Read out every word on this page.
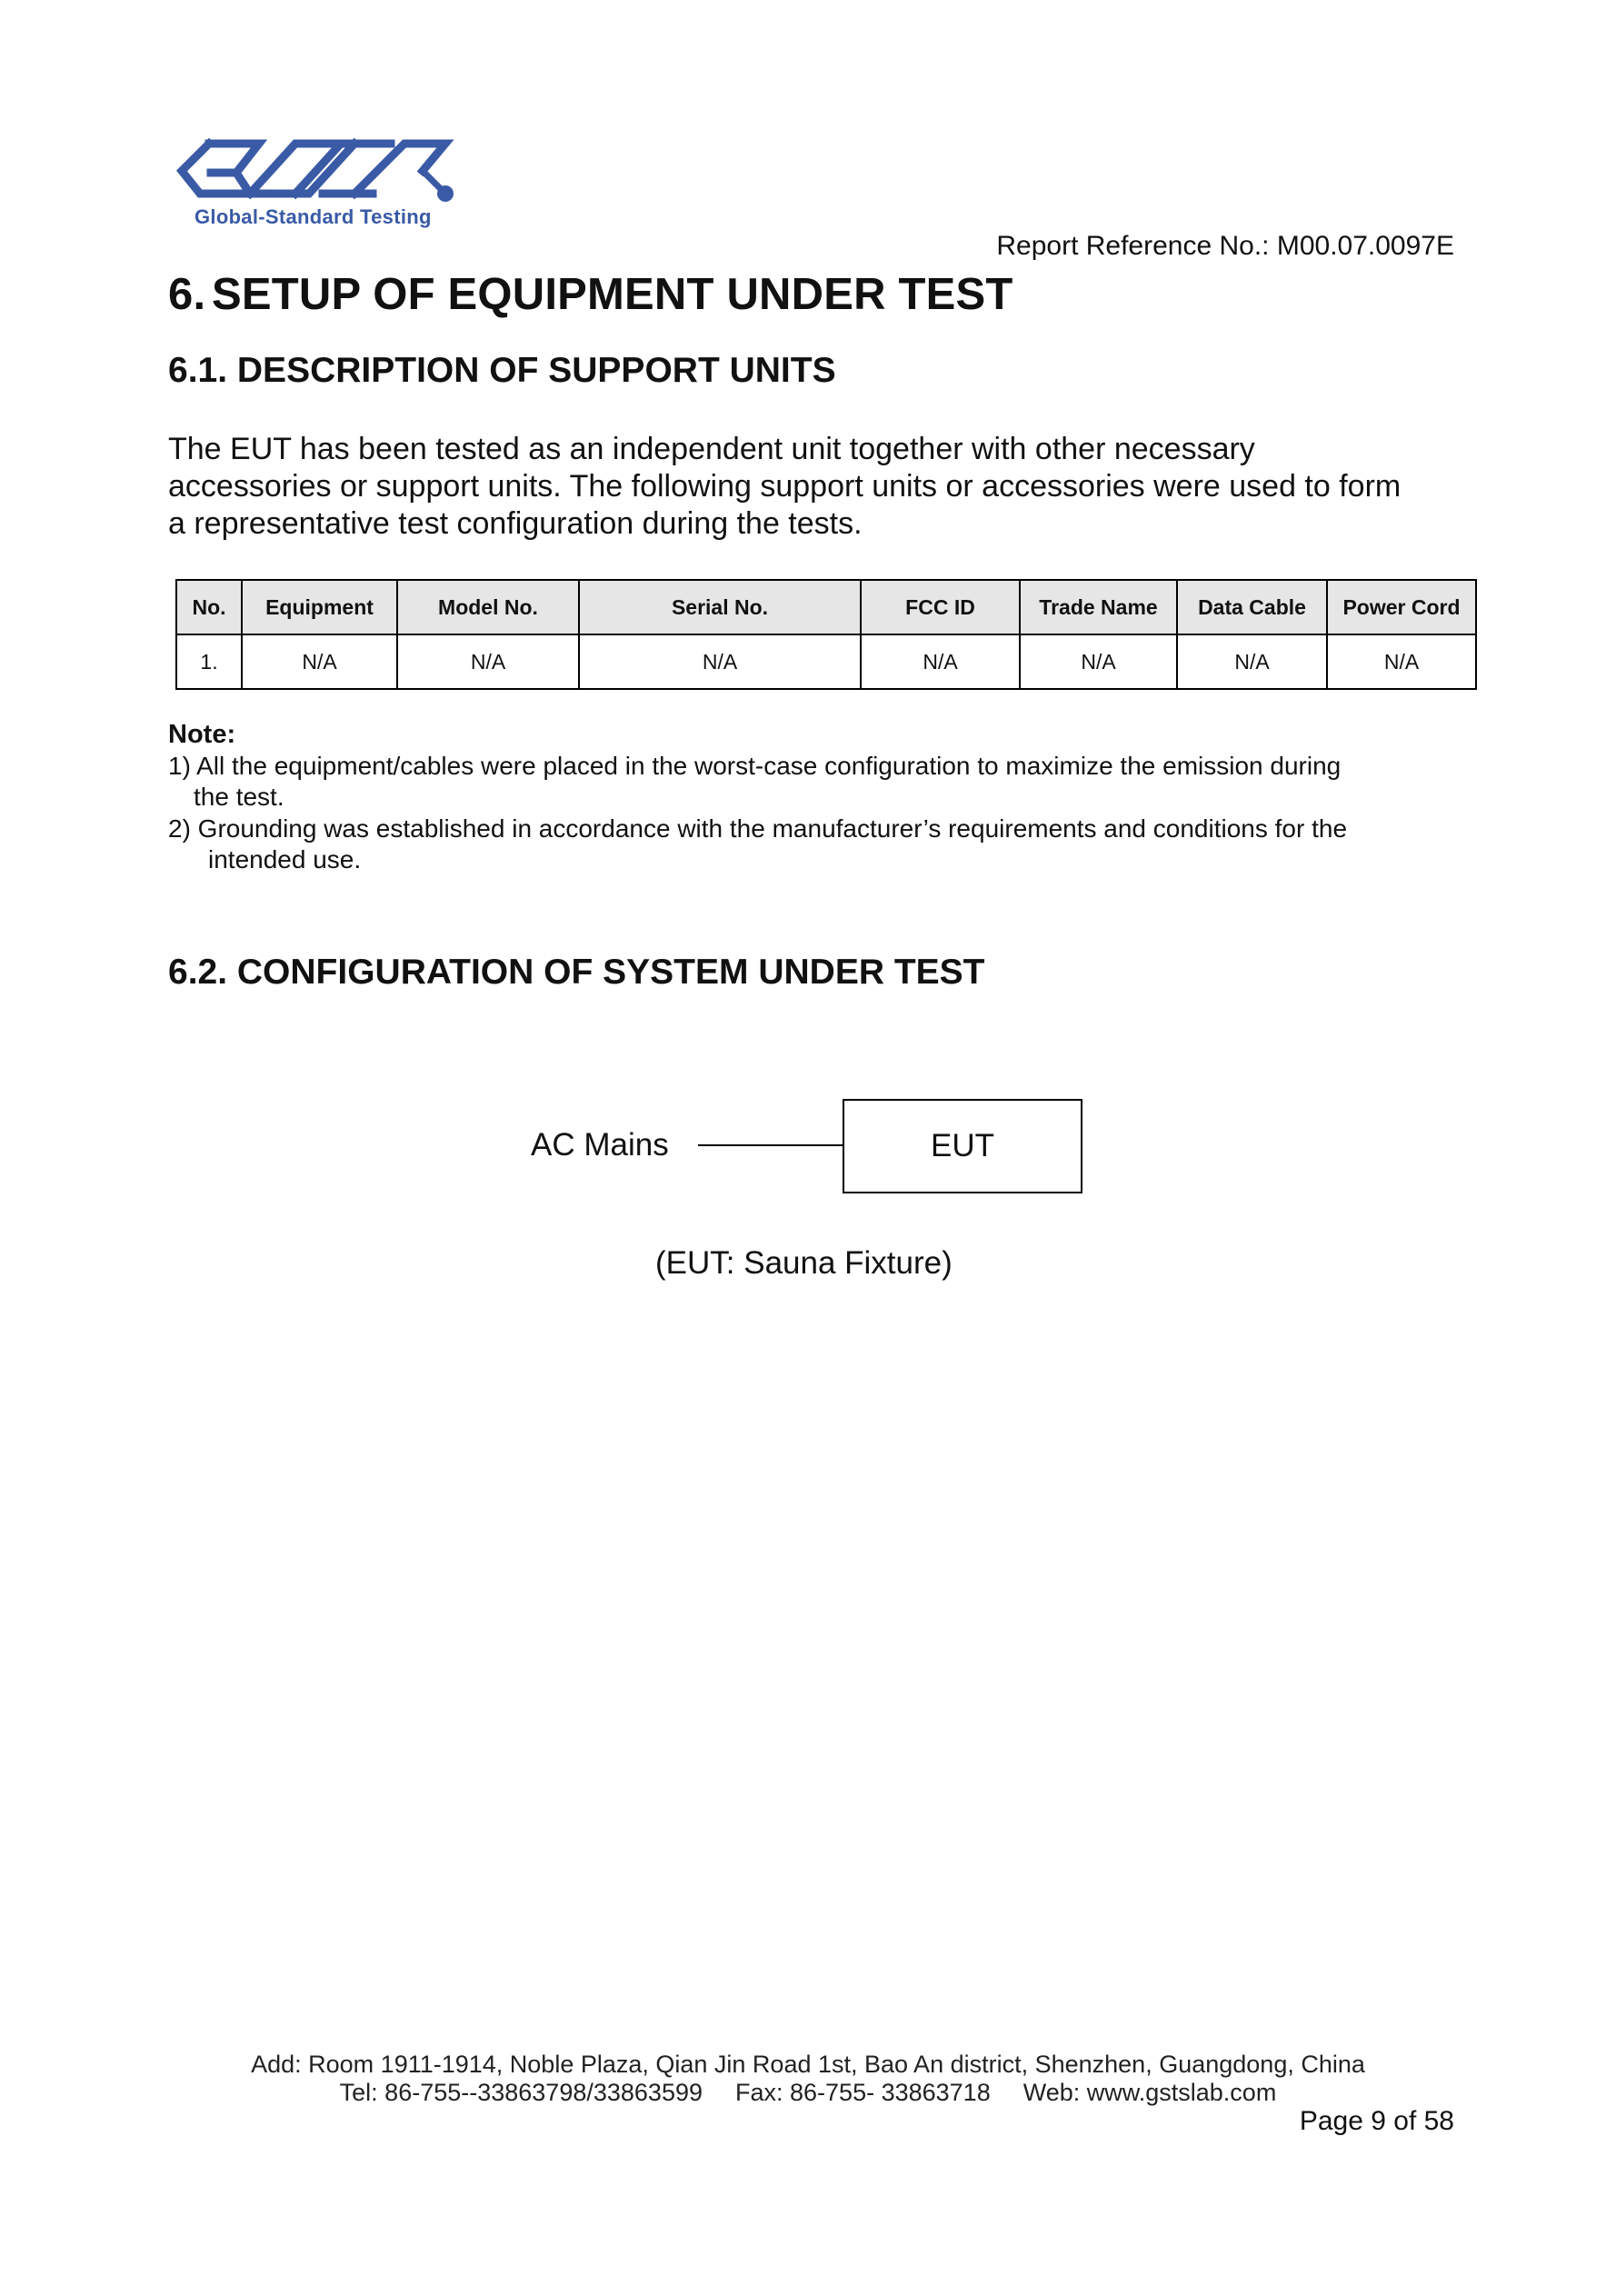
Global-Standard Testing
Report Reference No.: M00.07.0097E
6. SETUP OF EQUIPMENT UNDER TEST
6.1. DESCRIPTION OF SUPPORT UNITS

The EUT has been tested as an independent unit together with other necessary

accessories or support units. The following support units or accessories were used to form

a representative test configuration during the tests.

No.	Equipment	Model No.	Serial No.	FCC ID	Trade Name	Data Cable	Power Cord
1.	N/A	N/A	N/A	N/A	N/A	N/A	N/A
Note:
1) All the equipment/cables were placed in the worst-case configuration to maximize the emission during
the test.
2) Grounding was established in accordance with the manufacturer’s requirements and conditions for the
intended use.
6.2. CONFIGURATION OF SYSTEM UNDER TEST
AC Mains	EUT
(EUT: Sauna Fixture)
Add: Room 1911-1914, Noble Plaza, Qian Jin Road 1st, Bao An district, Shenzhen, Guangdong, China
Tel: 86-755--33863798/33863599 Fax: 86-755- 33863718 Web: www.gstslab.com
Page 9 of 58
